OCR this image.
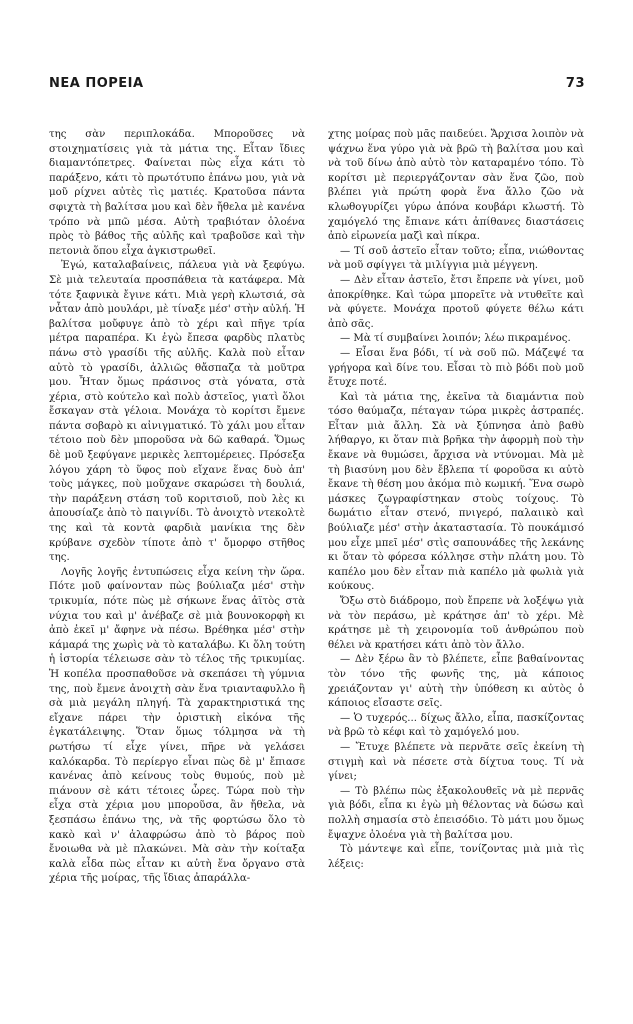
ΝΕΑ ΠΟΡΕΙΑ	73

της σὰν περιπλοκάδα. Μποροῦσες νὰ στοιχηματίσεις γιὰ τὰ μάτια της. Εἶταν ἴδιες διαμαντόπετρες. Φαίνεται πὼς εἶχα κάτι τὸ παράξενο, κάτι τὸ πρωτότυπο ἐπάνω μου, γιὰ νὰ μοῦ ρίχνει αὐτὲς τὶς ματιές. Κρατοῦσα πάντα σφιχτὰ τὴ βαλίτσα μου καὶ δὲν ἤθελα μὲ κανένα τρόπο νὰ μπῶ μέσα. Αὐτὴ τραβιόταν ὁλοένα πρὸς τὸ βάθος τῆς αὐλῆς καὶ τραβοῦσε καὶ τὴν πετονιὰ ὅπου εἶχα ἀγκιστρωθεῖ.

Ἐγώ, καταλαβαίνεις, πάλευα γιὰ νὰ ξεφύγω. Σὲ μιὰ τελευταία προσπάθεια τὰ κατάφερα. Μὰ τότε ξαφνικὰ ἔγινε κάτι. Μιὰ γερὴ κλωτσιά, σὰ νἆταν ἀπὸ μουλάρι, μὲ τίναξε μέσ' στὴν αὐλή. Ἡ βαλίτσα μοὔφυγε ἀπὸ τὸ χέρι καὶ πῆγε τρία μέτρα παραπέρα. Κι ἐγὼ ἔπεσα φαρδὺς πλατὺς πάνω στὸ γρασίδι τῆς αὐλῆς. Καλὰ ποὺ εἶταν αὐτὸ τὸ γρασίδι, ἀλλιῶς θἄσπαζα τὰ μοῦτρα μου. Ἦταν ὅμως πράσινος στὰ γόνατα, στὰ χέρια, στὸ κούτελο καὶ πολὺ ἀστεῖος, γιατὶ ὅλοι ἔσκαγαν στὰ γέλοια. Μονάχα τὸ κορίτσι ἔμενε πάντα σοβαρὸ κι αἰνιγματικό. Τὸ χάλι μου εἶταν τέτοιο ποὺ δὲν μποροῦσα νὰ δῶ καθαρά. Ὅμως δὲ μοῦ ξεφύγανε μερικὲς λεπτομέρειες. Πρόσεξα λόγου χάρη τὸ ὕφος ποὺ εἴχανε ἕνας δυὸ ἀπ' τοὺς μάγκες, ποὺ μοὔχανε σκαρώσει τὴ δουλιά, τὴν παράξενη στάση τοῦ κοριτσιοῦ, ποὺ λὲς κι ἀπουσίαζε ἀπὸ τὸ παιγνίδι. Τὸ ἀνοιχτὸ ντεκολτὲ της καὶ τὰ κοντὰ φαρδιὰ μανίκια της δὲν κρύβανε σχεδὸν τίποτε ἀπὸ τ' ὄμορφο στῆθος της.

Λογῆς λογῆς ἐντυπώσεις εἶχα κείνη τὴν ὥρα. Πότε μοῦ φαίνονταν πὼς βούλιαζα μέσ' στὴν τρικυμία, πότε πὼς μὲ σήκωνε ἕνας ἀϊτὸς στὰ νύχια του καὶ μ' ἀνέβαζε σὲ μιὰ βουνοκορφὴ κι ἀπὸ ἐκεῖ μ' ἄφηνε νὰ πέσω. Βρέθηκα μέσ' στὴν κάμαρά της χωρὶς νὰ τὸ καταλάβω. Κι ὅλη τούτη ἡ ἱστορία τέλειωσε σὰν τὸ τέλος τῆς τρικυμίας. Ἡ κοπέλα προσπαθοῦσε νὰ σκεπάσει τὴ γύμνια της, ποὺ ἔμενε ἀνοιχτὴ σὰν ἕνα τριανταφυλλο ἢ σὰ μιὰ μεγάλη πληγή. Τὰ χαρακτηριστικά της εἴχανε πάρει τὴν ὁριστικὴ εἰκόνα τῆς ἐγκατάλειψης. Ὅταν ὅμως τόλμησα νὰ τὴ ρωτήσω τί εἶχε γίνει, πῆρε νὰ γελάσει καλόκαρδα. Τὸ περίεργο εἶναι πὼς δὲ μ' ἔπιασε κανένας ἀπὸ κείνους τοὺς θυμούς, ποὺ μὲ πιάνουν σὲ κάτι τέτοιες ὧρες. Τώρα ποὺ τὴν εἶχα στὰ χέρια μου μποροῦσα, ἂν ἤθελα, νὰ ξεσπάσω ἐπάνω της, νὰ τῆς φορτώσω ὅλο τὸ κακὸ καὶ ν' ἀλαφρώσω ἀπὸ τὸ βάρος ποὺ ἔνοιωθα νὰ μὲ πλακώνει. Μὰ σὰν τὴν κοίταξα καλὰ εἶδα πὼς εἶταν κι αὐτὴ ἕνα ὄργανο στὰ χέρια τῆς μοίρας, τῆς ἴδιας ἀπαράλλα-

χτης μοίρας ποὺ μᾶς παιδεύει. Ἄρχισα λοιπὸν νὰ ψάχνω ἕνα γύρο γιὰ νὰ βρῶ τὴ βαλίτσα μου καὶ νὰ τοῦ δίνω ἀπὸ αὐτὸ τὸν καταραμένο τόπο. Τὸ κορίτσι μὲ περιεργάζονταν σὰν ἕνα ζῶο, ποὺ βλέπει γιὰ πρώτη φορὰ ἕνα ἄλλο ζῶο νὰ κλωθογυρίζει γύρω ἀπόνα κουβάρι κλωστή. Τὸ χαμόγελό της ἔπιανε κάτι ἀπίθανες διαστάσεις ἀπὸ εἰρωνεία μαζὶ καὶ πίκρα.

— Τί σοῦ ἀστεῖο εἶταν τοῦτο; εἶπα, νιώθοντας νὰ μοῦ σφίγγει τὰ μιλίγγια μιὰ μέγγενη.

— Δὲν εἶταν ἀστεῖο, ἔτσι ἔπρεπε νὰ γίνει, μοῦ ἀποκρίθηκε. Καὶ τώρα μπορεῖτε νὰ ντυθεῖτε καὶ νὰ φύγετε. Μονάχα προτοῦ φύγετε θέλω κάτι ἀπὸ σᾶς.

— Μὰ τί συμβαίνει λοιπόν; λέω πικραμένος.

— Εἶσαι ἕνα βόδι, τί νὰ σοῦ πῶ. Μάζεψέ τα γρήγορα καὶ δίνε του. Εἶσαι τὸ πιὸ βόδι ποὺ μοῦ ἔτυχε ποτέ.

Καὶ τὰ μάτια της, ἐκεῖνα τὰ διαμάντια ποὺ τόσο θαύμαζα, πέταγαν τώρα μικρὲς ἀστραπές. Εἶταν μιὰ ἄλλη. Σὰ νὰ ξύπνησα ἀπὸ βαθὺ λήθαργο, κι ὅταν πιὰ βρῆκα τὴν ἀφορμὴ ποὺ τὴν ἔκανε νὰ θυμώσει, ἄρχισα νὰ ντύνομαι. Μὰ μὲ τὴ βιασύνη μου δὲν ἔβλεπα τί φοροῦσα κι αὐτὸ ἔκανε τὴ θέση μου ἀκόμα πιὸ κωμική. Ἕνα σωρὸ μάσκες ζωγραφίστηκαν στοὺς τοίχους. Τὸ δωμάτιο εἶταν στενό, πνιγερό, παλαιικὸ καὶ βούλιαζε μέσ' στὴν ἀκαταστασία. Τὸ πουκάμισό μου εἶχε μπεῖ μέσ' στὶς σαπουνάδες τῆς λεκάνης κι ὅταν τὸ φόρεσα κόλλησε στὴν πλάτη μου. Τὸ καπέλο μου δὲν εἶταν πιὰ καπέλο μὰ φωλιὰ γιὰ κούκους.

Ὄξω στὸ διάδρομο, ποὺ ἔπρεπε νὰ λοξέψω γιὰ νὰ τὸν περάσω, μὲ κράτησε ἀπ' τὸ χέρι. Μὲ κράτησε μὲ τὴ χειρονομία τοῦ ἀνθρώπου ποὺ θέλει νὰ κρατήσει κάτι ἀπὸ τὸν ἄλλο.

— Δὲν ξέρω ἂν τὸ βλέπετε, εἶπε βαθαίνοντας τὸν τόνο τῆς φωνῆς της, μὰ κάποιος χρειάζονταν γι' αὐτὴ τὴν ὑπόθεση κι αὐτὸς ὁ κάποιος εἴσαστε σεῖς.

— Ὁ τυχερός... δίχως ἄλλο, εἶπα, πασκίζοντας νὰ βρῶ τὸ κέφι καὶ τὸ χαμόγελό μου.

— Ἔτυχε βλέπετε νὰ περνᾶτε σεῖς ἐκείνη τὴ στιγμὴ καὶ νὰ πέσετε στὰ δίχτυα τους. Τί νὰ γίνει;

— Τὸ βλέπω πὼς ἐξακολουθεῖς νὰ μὲ περνᾶς γιὰ βόδι, εἶπα κι ἐγὼ μὴ θέλοντας νὰ δώσω καὶ πολλὴ σημασία στὸ ἐπεισόδιο. Τὸ μάτι μου ὅμως ἔψαχνε ὁλοένα γιὰ τὴ βαλίτσα μου.

Τὸ μάντεψε καὶ εἶπε, τονίζοντας μιὰ μιὰ τὶς λέξεις:
